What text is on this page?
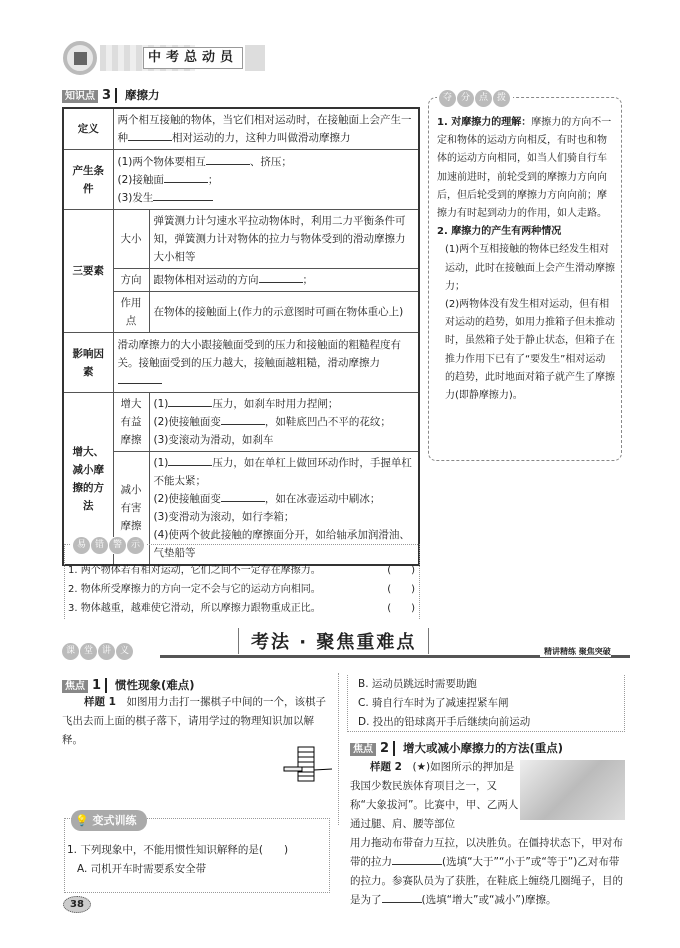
中考总动员
知识点 3 摩擦力
定义	两个相互接触的物体，当它们相对运动时，在接触面上会产生一种 相对运动的力，这种力叫做滑动摩擦力	
产生条件	(1)两个物体要相互 、挤压；
(2)接触面 ；
(3)发生	
三要素	大小	弹簧测力计匀速水平拉动物体时，利用二力平衡条件可知，弹簧测力计对物体的拉力与物体受到的滑动摩擦力大小相等
	方向	跟物体相对运动的方向 ；
	作用点	在物体的接触面上(作力的示意图时可画在物体重心上)
影响因素	滑动摩擦力的大小跟接触面受到的压力和接触面的粗糙程度有关。接触面受到的压力越大，接触面越粗糙，滑动摩擦力	

增大、减小摩擦的方法	增大有益摩擦	(1) 压力，如刹车时用力捏闸；
(2)使接触面变 ，如鞋底凹凸不平的花纹；
(3)变滚动为滑动，如刹车

	减小有害摩擦	(1) 压力，如在单杠上做回环动作时，手握单杠不能太紧；
(2)使接触面变 ，如在冰壶运动中刷冰；
(3)变滑动为滚动，如行李箱；
(4)使两个彼此接触的摩擦面分开，如给轴承加润滑油、气垫船等
夺 分 点 拨
1. 对摩擦力的理解：摩擦力的方向不一定和物体的运动方向相反，有时也和物体的运动方向相同，如当人们骑自行车加速前进时，前轮受到的摩擦力方向向后，但后轮受到的摩擦力方向向前；摩擦力有时起到动力的作用，如人走路。
2. 摩擦力的产生有两种情况
(1)两个互相接触的物体已经发生相对运动，此时在接触面上会产生滑动摩擦力；
(2)两物体没有发生相对运动，但有相对运动的趋势，如用力推箱子但未推动时，虽然箱子处于静止状态，但箱子在推力作用下已有了“要发生”相对运动的趋势，此时地面对箱子就产生了摩擦力(即静摩擦力)。
易 错 警 示
1. 两个物体若有相对运动，它们之间不一定存在摩擦力。	(　　)
2. 物体所受摩擦力的方向一定不会与它的运动方向相同。	(　　)
3. 物体越重，越难使它滑动，所以摩擦力跟物重成正比。	(　　)
课 堂 讲 义	考法 · 聚焦重难点	精讲精练 聚焦突破
焦点 1 惯性现象(难点)
样题 1　 如图用力击打一摞棋子中间的一个，该棋子飞出去而上面的棋子落下，请用学过的物理知识加以解释。
💡 变式训练
1. 下列现象中，不能用惯性知识解释的是(　　)
A. 司机开车时需要系安全带
B. 运动员跳远时需要助跑
C. 骑自行车时为了减速捏紧车闸
D. 投出的铅球离开手后继续向前运动
38
焦点 2 增大或减小摩擦力的方法(重点)
样题 2　 (★)如图所示的押加是我国少数民族体育项目之一，又称“大象拔河”。比赛中，甲、乙两人通过腿、肩、腰等部位
用力拖动布带奋力互拉，以决胜负。在僵持状态下，甲对布带的拉力	(选填“大于”“小于”或“等于”)乙对布带的拉力。参赛队员为了获胜，在鞋底上缠绕几圈绳子，目的是为了	(选填“增大”或“减小”)摩擦。
